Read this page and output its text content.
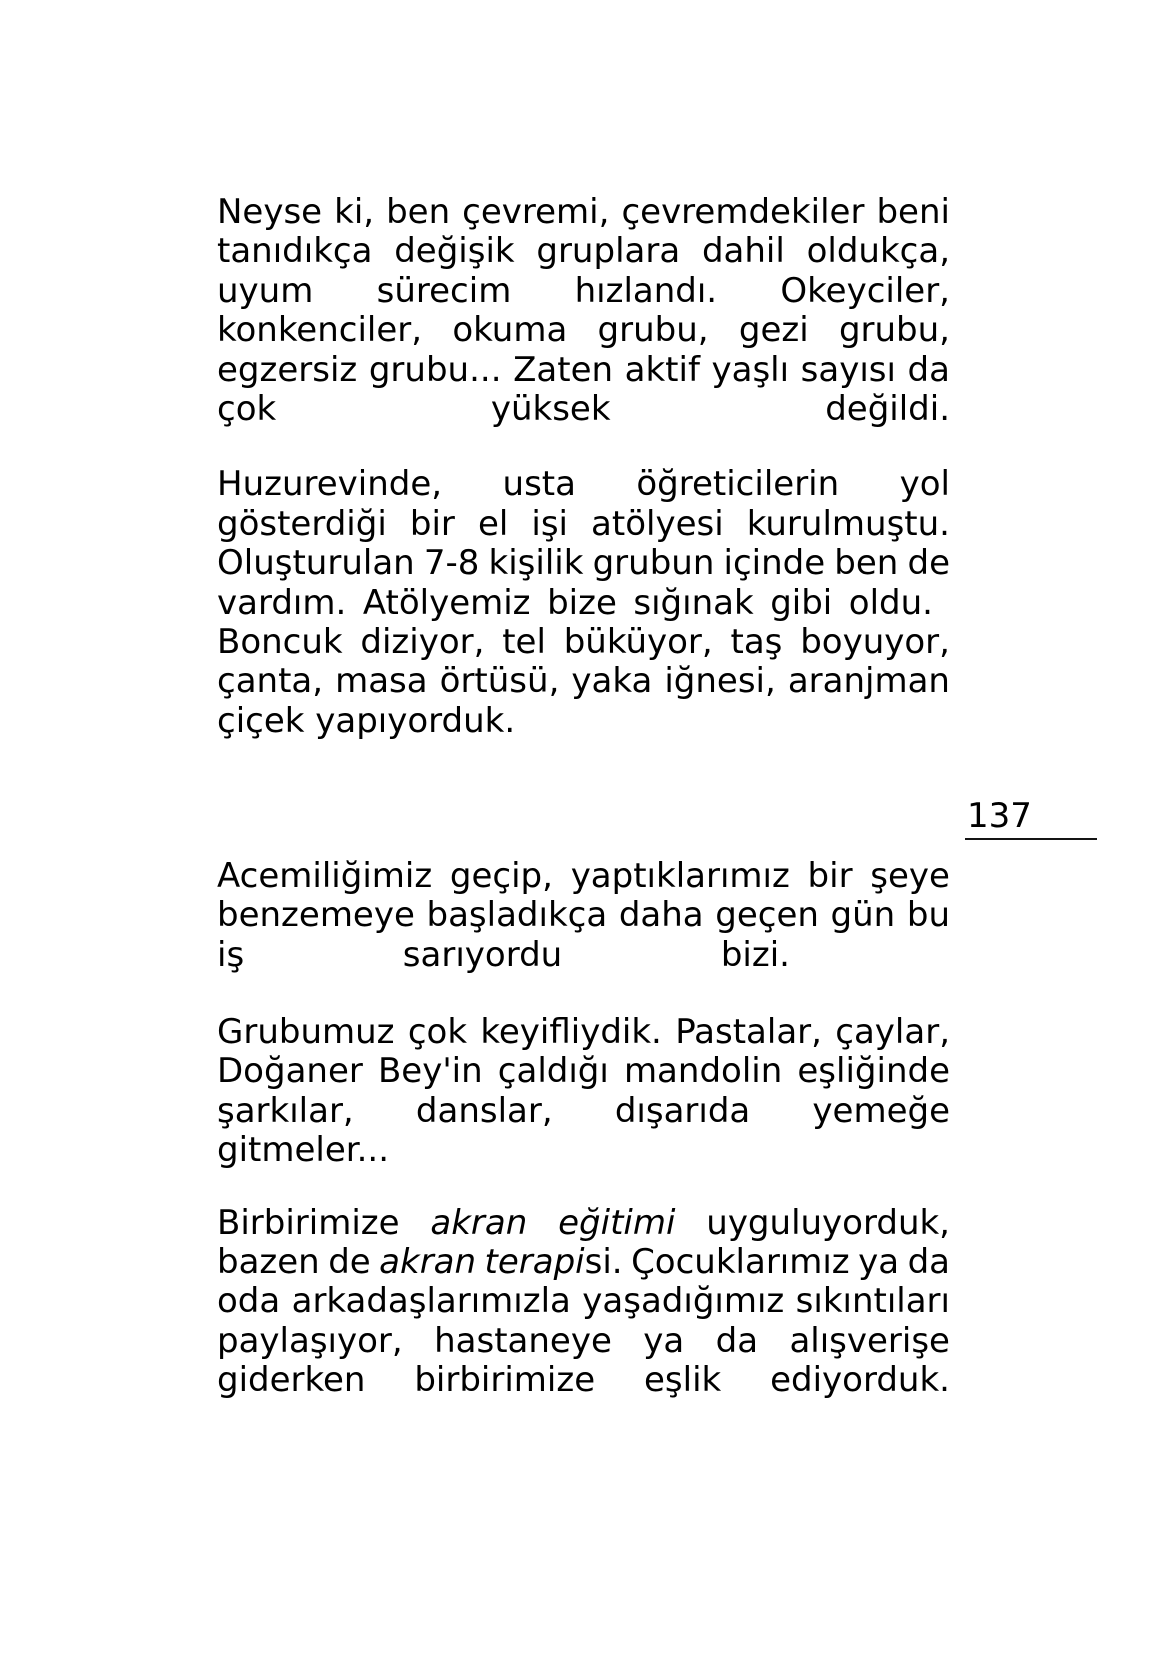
Neyse ki, ben çevremi, çevremdekiler beni
tanıdıkça değişik gruplara dahil oldukça,
uyum sürecim hızlandı. Okeyciler,
konkenciler, okuma grubu, gezi grubu,
egzersiz grubu... Zaten aktif yaşlı sayısı da
çok	yüksek	değildi.
Huzurevinde, usta öğreticilerin yol
gösterdiği bir el işi atölyesi kurulmuştu.
Oluşturulan 7-8 kişilik grubun içinde ben de
vardım. Atölyemiz bize sığınak gibi oldu.
Boncuk diziyor, tel büküyor, taş boyuyor,
çanta, masa örtüsü, yaka iğnesi, aranjman
çiçek yapıyorduk.
137
Acemiliğimiz geçip, yaptıklarımız bir şeye
benzemeye başladıkça daha geçen gün bu
iş	sarıyordu	bizi.
Grubumuz çok keyifliydik. Pastalar, çaylar,
Doğaner Bey'in çaldığı mandolin eşliğinde
şarkılar, danslar, dışarıda yemeğe
gitmeler...
Birbirimize akran eğitimi uyguluyorduk,
bazen de akran terapisi. Çocuklarımız ya da
oda arkadaşlarımızla yaşadığımız sıkıntıları
paylaşıyor, hastaneye ya da alışverişe
giderken birbirimize eşlik ediyorduk.
